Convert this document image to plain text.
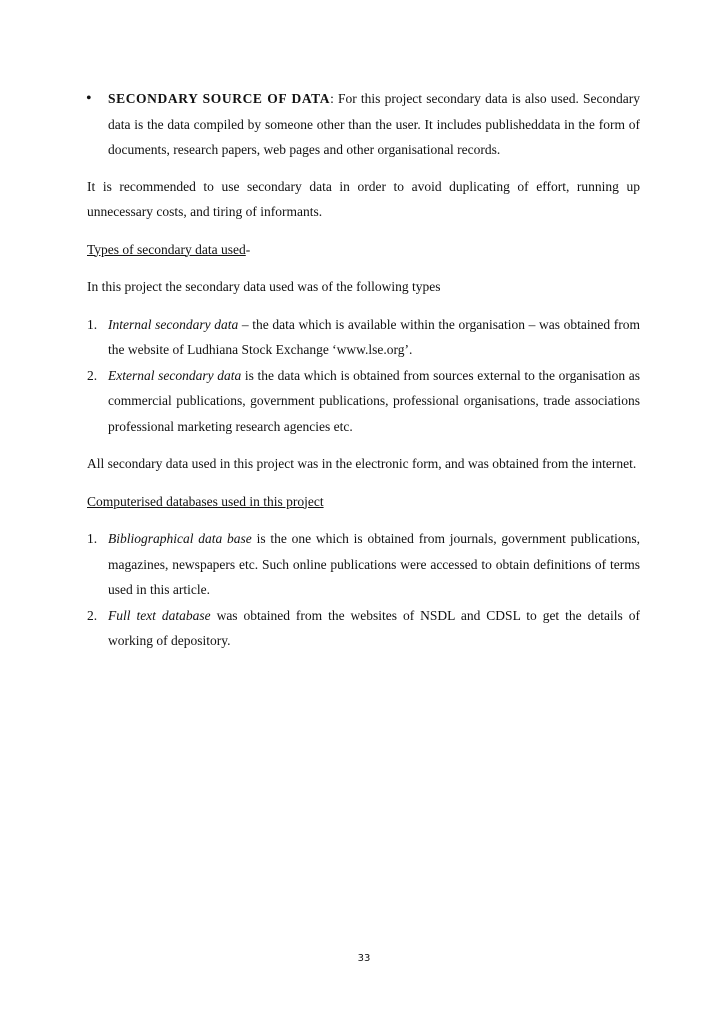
• SECONDARY SOURCE OF DATA: For this project secondary data is also used. Secondary data is the data compiled by someone other than the user. It includes publisheddata in the form of documents, research papers, web pages and other organisational records.

It is recommended to use secondary data in order to avoid duplicating of effort, running up unnecessary costs, and tiring of informants.

Types of secondary data used-

In this project the secondary data used was of the following types

1. Internal secondary data – the data which is available within the organisation – was obtained from the website of Ludhiana Stock Exchange ‘www.lse.org’.

2. External secondary data is the data which is obtained from sources external to the organisation as commercial publications, government publications, professional organisations, trade associations professional marketing research agencies etc.

All secondary data used in this project was in the electronic form, and was obtained from the internet.

Computerised databases used in this project

1. Bibliographical data base is the one which is obtained from journals, government publications, magazines, newspapers etc. Such online publications were accessed to obtain definitions of terms used in this article.

2. Full text database was obtained from the websites of NSDL and CDSL to get the details of working of depository.

33
